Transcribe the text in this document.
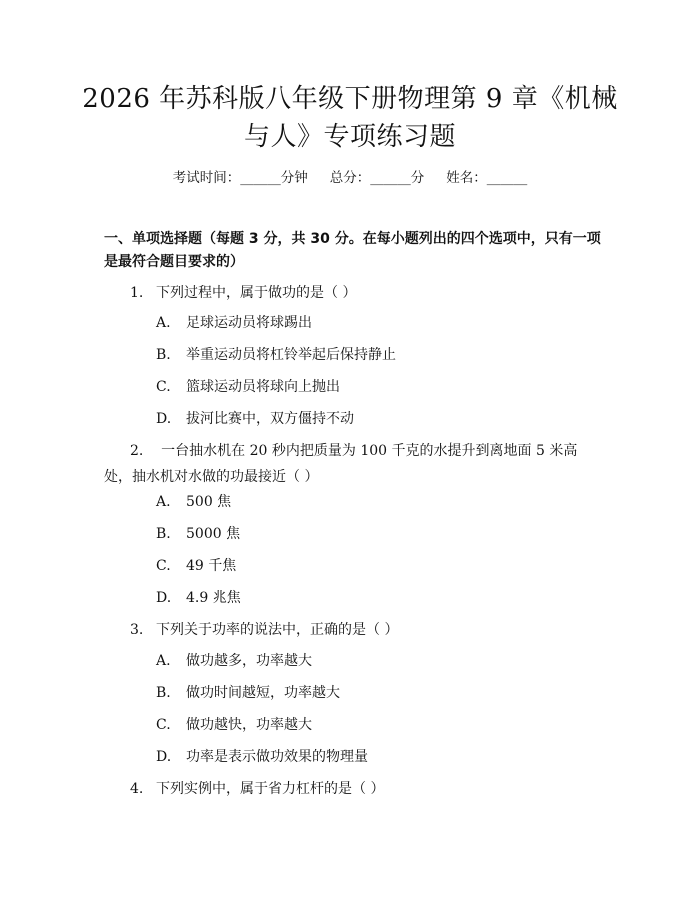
2026 年苏科版八年级下册物理第 9 章《机械
与人》专项练习题
考试时间：______分钟 总分：______分 姓名：______
一、单项选择题（每题 3 分，共 30 分。在每小题列出的四个选项中，只有一项是最符合题目要求的）
1. 下列过程中，属于做功的是（ ）
A. 足球运动员将球踢出
B. 举重运动员将杠铃举起后保持静止
C. 篮球运动员将球向上抛出
D. 拔河比赛中，双方僵持不动
2. 一台抽水机在 20 秒内把质量为 100 千克的水提升到离地面 5 米高处，抽水机对水做的功最接近（ ）
A. 500 焦
B. 5000 焦
C. 49 千焦
D. 4.9 兆焦
3. 下列关于功率的说法中，正确的是（ ）
A. 做功越多，功率越大
B. 做功时间越短，功率越大
C. 做功越快，功率越大
D. 功率是表示做功效果的物理量
4. 下列实例中，属于省力杠杆的是（ ）
